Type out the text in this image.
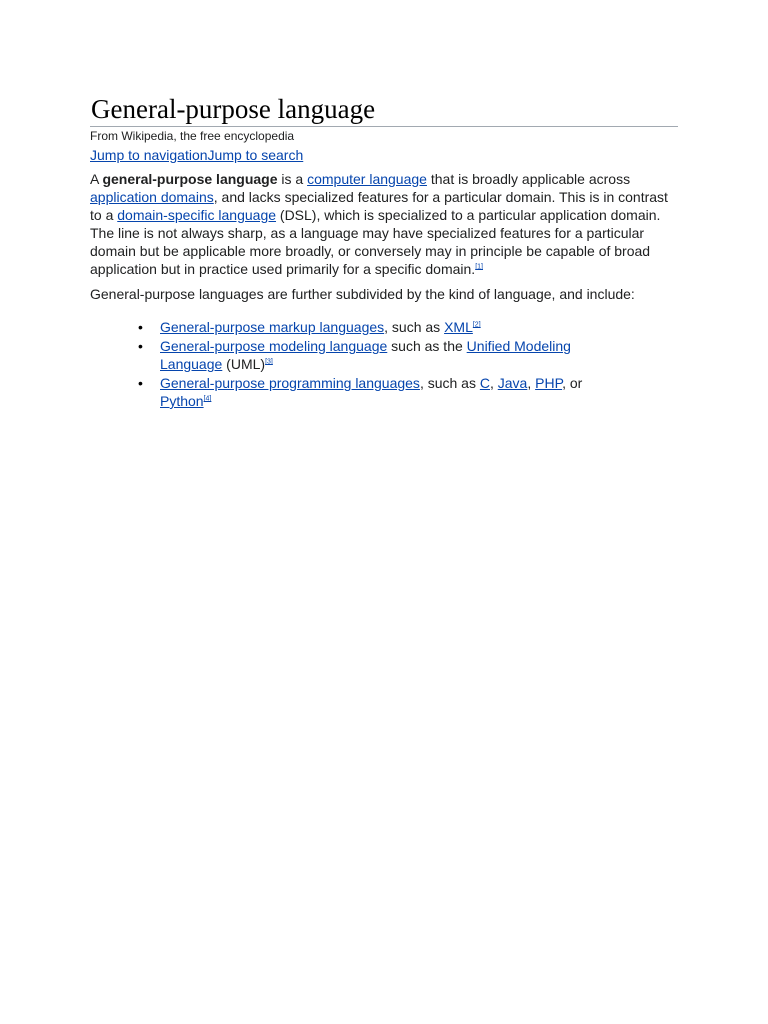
General-purpose language
From Wikipedia, the free encyclopedia
Jump to navigationJump to search

A general-purpose language is a computer language that is broadly applicable across application domains, and lacks specialized features for a particular domain. This is in contrast to a domain-specific language (DSL), which is specialized to a particular application domain. The line is not always sharp, as a language may have specialized features for a particular domain but be applicable more broadly, or conversely may in principle be capable of broad application but in practice used primarily for a specific domain.[1]

General-purpose languages are further subdivided by the kind of language, and include:

• General-purpose markup languages, such as XML[2]
• General-purpose modeling language such as the Unified Modeling Language (UML)[3]
• General-purpose programming languages, such as C, Java, PHP, or Python[4]
